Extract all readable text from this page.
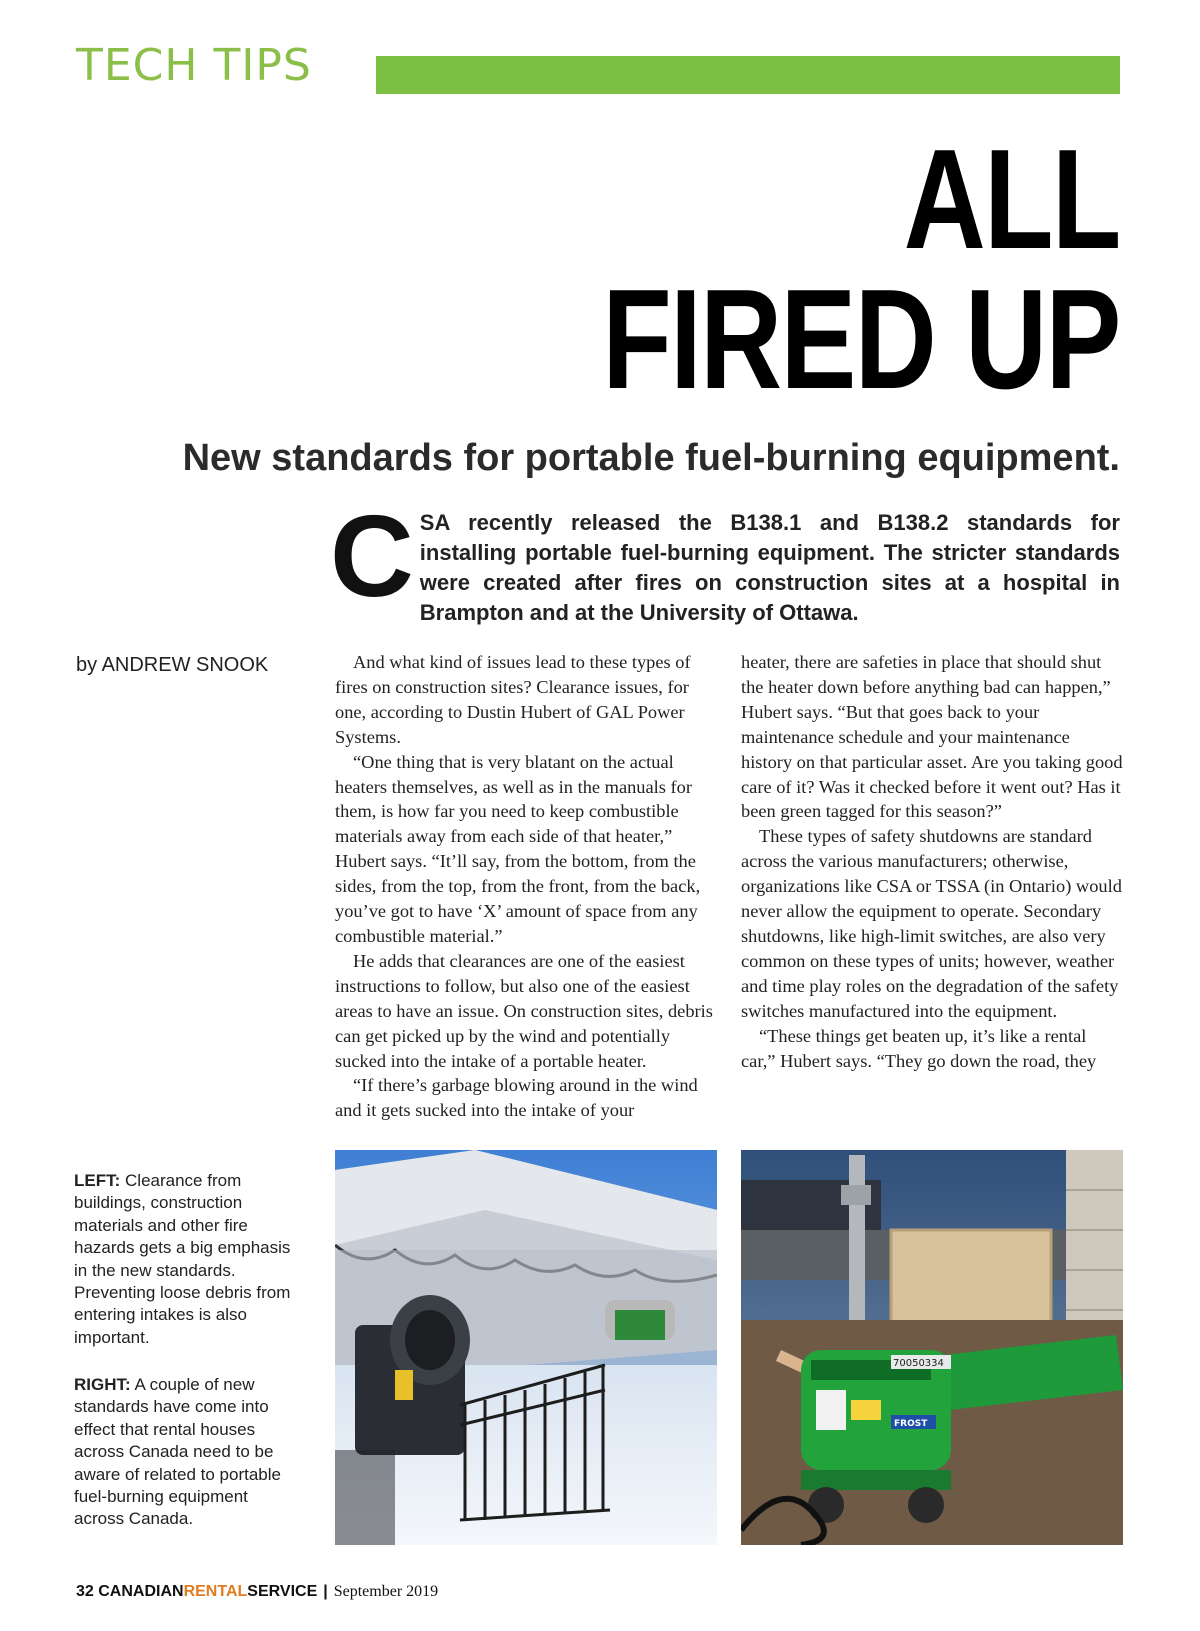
TECH TIPS
ALL
FIRED UP
New standards for portable fuel-burning equipment.
CSA recently released the B138.1 and B138.2 standards for installing portable fuel-burning equipment. The stricter standards were created after fires on construction sites at a hospital in Brampton and at the University of Ottawa.
by ANDREW SNOOK	And what kind of issues lead to these types of fires on construction sites? Clearance issues, for one, according to Dustin Hubert of GAL Power Systems.

“One thing that is very blatant on the actual heaters themselves, as well as in the manuals for them, is how far you need to keep combustible materials away from each side of that heater,” Hubert says. “It’ll say, from the bottom, from the sides, from the top, from the front, from the back, you’ve got to have ‘X’ amount of space from any combustible material.”

He adds that clearances are one of the easiest instructions to follow, but also one of the easiest areas to have an issue. On construction sites, debris can get picked up by the wind and potentially sucked into the intake of a portable heater.

“If there’s garbage blowing around in the wind and it gets sucked into the intake of your

heater, there are safeties in place that should shut the heater down before anything bad can happen,” Hubert says. “But that goes back to your maintenance schedule and your maintenance history on that particular asset. Are you taking good care of it? Was it checked before it went out? Has it been green tagged for this season?”

These types of safety shutdowns are standard across the various manufacturers; otherwise, organizations like CSA or TSSA (in Ontario) would never allow the equipment to operate. Secondary shutdowns, like high-limit switches, are also very common on these types of units; however, weather and time play roles on the degradation of the safety switches manufactured into the equipment.

“These things get beaten up, it’s like a rental car,” Hubert says. “They go down the road, they

LEFT: Clearance from buildings, construction materials and other fire hazards gets a big emphasis in the new standards. Preventing loose debris from entering intakes is also important.
RIGHT: A couple of new standards have come into effect that rental houses across Canada need to be aware of related to portable fuel-burning equipment across Canada.
70050334
FROST
32 CANADIANRENTALSERVICE | September 2019
